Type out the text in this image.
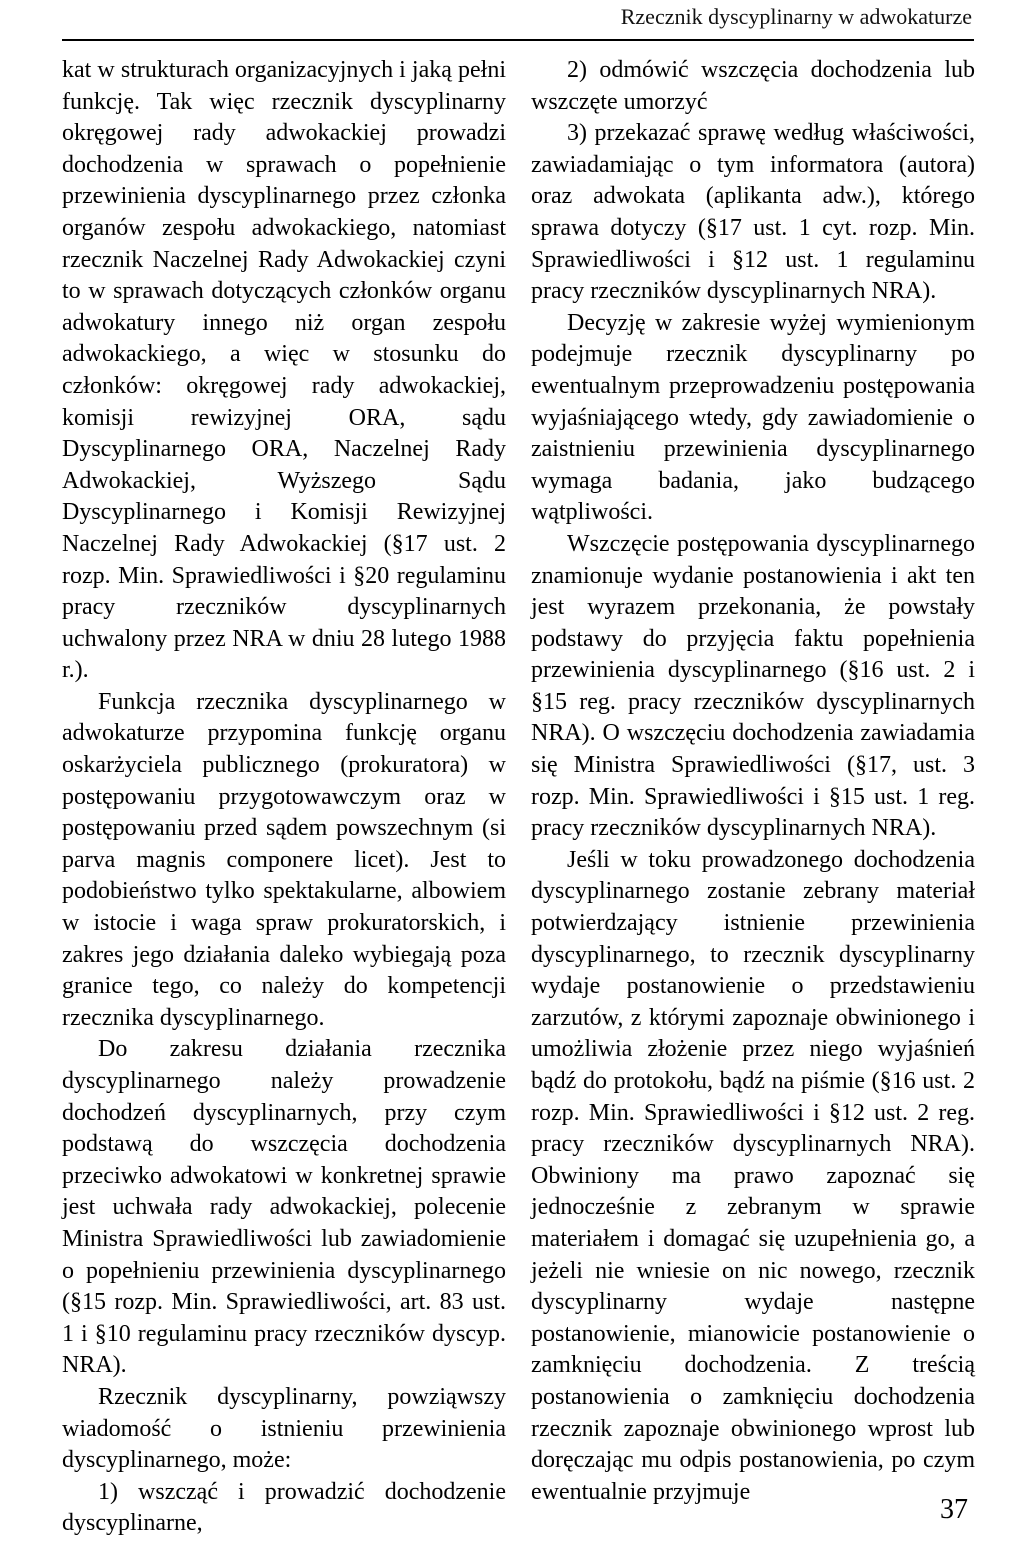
Rzecznik dyscyplinarny w adwokaturze

kat w strukturach organizacyjnych i jaką pełni funkcję. Tak więc rzecznik dyscyplinarny okręgowej rady adwokackiej prowadzi dochodzenia w sprawach o popełnienie przewinienia dyscyplinarnego przez członka organów zespołu adwokackiego, natomiast rzecznik Naczelnej Rady Adwokackiej czyni to w sprawach dotyczących członków organu adwokatury innego niż organ zespołu adwokackiego, a więc w stosunku do członków: okręgowej rady adwokackiej, komisji rewizyjnej ORA, sądu Dyscyplinarnego ORA, Naczelnej Rady Adwokackiej, Wyższego Sądu Dyscyplinarnego i Komisji Rewizyjnej Naczelnej Rady Adwokackiej (§17 ust. 2 rozp. Min. Sprawiedliwości i §20 regulaminu pracy rzeczników dyscyplinarnych uchwalony przez NRA w dniu 28 lutego 1988 r.).

Funkcja rzecznika dyscyplinarnego w adwokaturze przypomina funkcję organu oskarżyciela publicznego (prokuratora) w postępowaniu przygotowawczym oraz w postępowaniu przed sądem powszechnym (si parva magnis componere licet). Jest to podobieństwo tylko spektakularne, albowiem w istocie i waga spraw prokuratorskich, i zakres jego działania daleko wybiegają poza granice tego, co należy do kompetencji rzecznika dyscyplinarnego.

Do zakresu działania rzecznika dyscyplinarnego należy prowadzenie dochodzeń dyscyplinarnych, przy czym podstawą do wszczęcia dochodzenia przeciwko adwokatowi w konkretnej sprawie jest uchwała rady adwokackiej, polecenie Ministra Sprawiedliwości lub zawiadomienie o popełnieniu przewinienia dyscyplinarnego (§15 rozp. Min. Sprawiedliwości, art. 83 ust. 1 i §10 regulaminu pracy rzeczników dyscyp. NRA).

Rzecznik dyscyplinarny, powziąwszy wiadomość o istnieniu przewinienia dyscyplinarnego, może:

1) wszcząć i prowadzić dochodzenie dyscyplinarne,

2) odmówić wszczęcia dochodzenia lub wszczęte umorzyć

3) przekazać sprawę według właściwości, zawiadamiając o tym informatora (autora) oraz adwokata (aplikanta adw.), którego sprawa dotyczy (§17 ust. 1 cyt. rozp. Min. Sprawiedliwości i §12 ust. 1 regulaminu pracy rzeczników dyscyplinarnych NRA).

Decyzję w zakresie wyżej wymienionym podejmuje rzecznik dyscyplinarny po ewentualnym przeprowadzeniu postępowania wyjaśniającego wtedy, gdy zawiadomienie o zaistnieniu przewinienia dyscyplinarnego wymaga badania, jako budzącego wątpliwości.

Wszczęcie postępowania dyscyplinarnego znamionuje wydanie postanowienia i akt ten jest wyrazem przekonania, że powstały podstawy do przyjęcia faktu popełnienia przewinienia dyscyplinarnego (§16 ust. 2 i §15 reg. pracy rzeczników dyscyplinarnych NRA). O wszczęciu dochodzenia zawiadamia się Ministra Sprawiedliwości (§17, ust. 3 rozp. Min. Sprawiedliwości i §15 ust. 1 reg. pracy rzeczników dyscyplinarnych NRA).

Jeśli w toku prowadzonego dochodzenia dyscyplinarnego zostanie zebrany materiał potwierdzający istnienie przewinienia dyscyplinarnego, to rzecznik dyscyplinarny wydaje postanowienie o przedstawieniu zarzutów, z którymi zapoznaje obwinionego i umożliwia złożenie przez niego wyjaśnień bądź do protokołu, bądź na piśmie (§16 ust. 2 rozp. Min. Sprawiedliwości i §12 ust. 2 reg. pracy rzeczników dyscyplinarnych NRA). Obwiniony ma prawo zapoznać się jednocześnie z zebranym w sprawie materiałem i domagać się uzupełnienia go, a jeżeli nie wniesie on nic nowego, rzecznik dyscyplinarny wydaje następne postanowienie, mianowicie postanowienie o zamknięciu dochodzenia. Z treścią postanowienia o zamknięciu dochodzenia rzecznik zapoznaje obwinionego wprost lub doręczając mu odpis postanowienia, po czym ewentualnie przyjmuje

37
